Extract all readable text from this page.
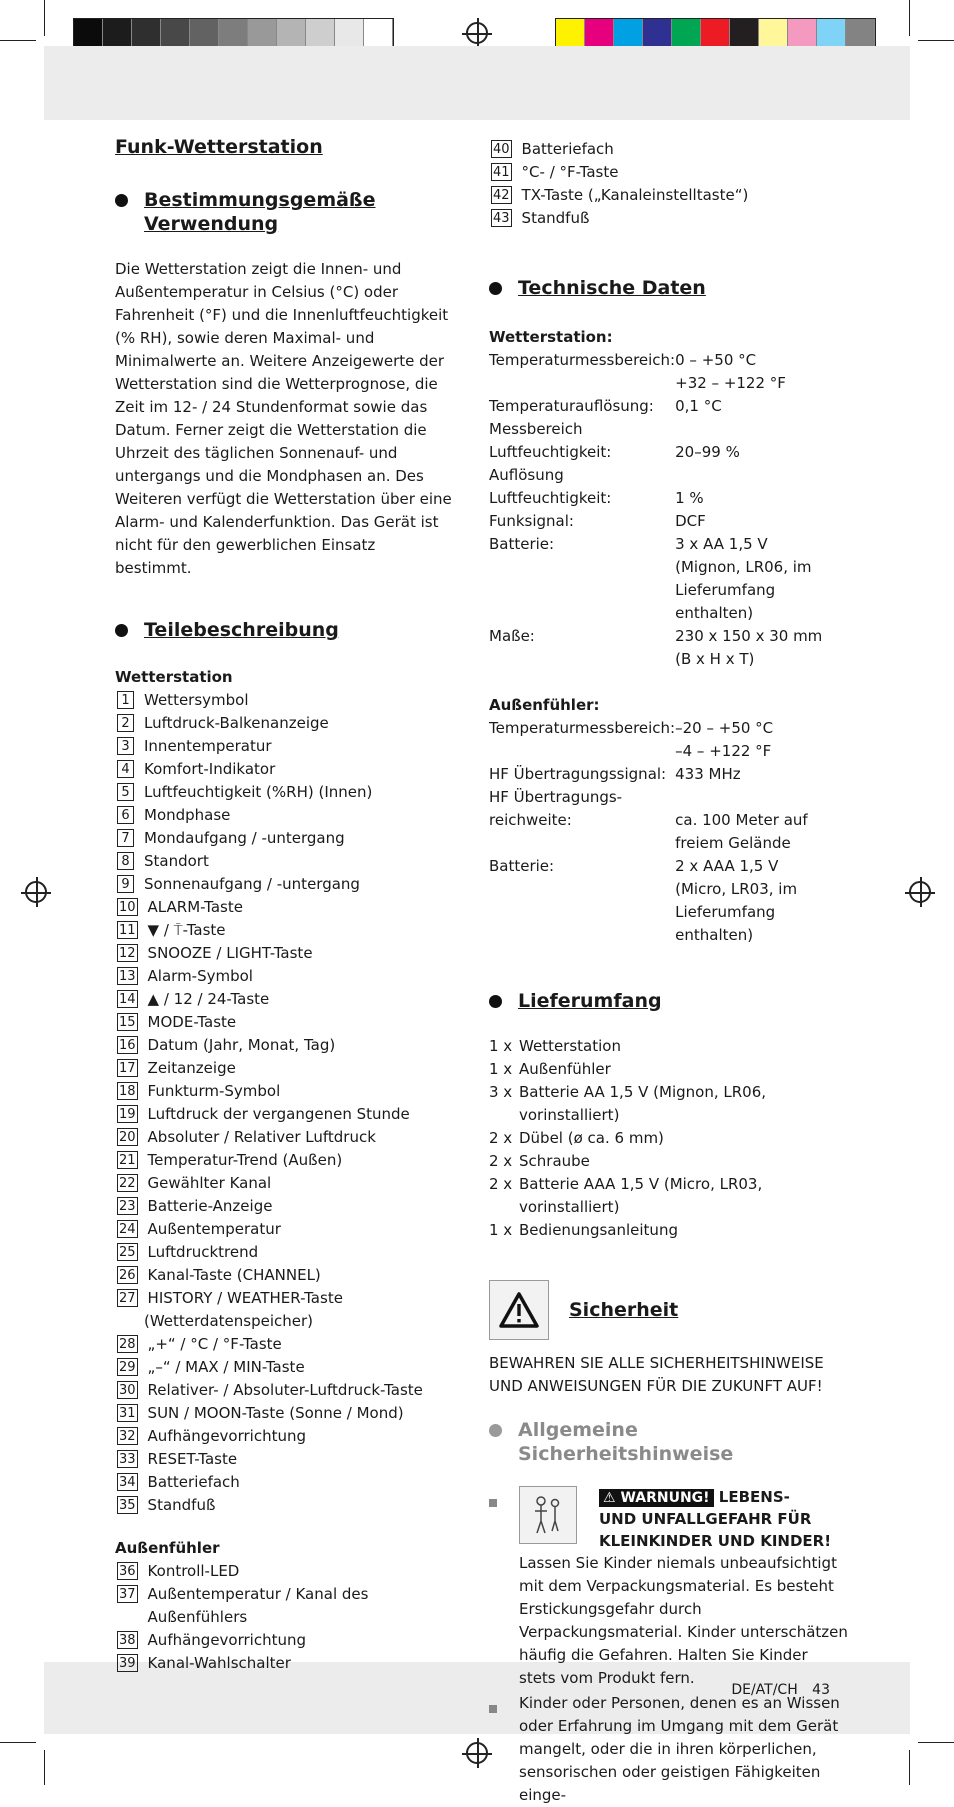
DE/AT/CH 43
Funk-Wetterstation
Bestimmungsgemäße Verwendung

Die Wetterstation zeigt die Innen- und Außentemperatur in Celsius (°C) oder Fahrenheit (°F) und die Innenluftfeuchtigkeit (% RH), sowie deren Maximal- und Minimalwerte an. Weitere Anzeigewerte der Wetterstation sind die Wetterprognose, die Zeit im 12- / 24 Stundenformat sowie das Datum. Ferner zeigt die Wetterstation die Uhrzeit des täglichen Sonnenauf- und untergangs und die Mondphasen an. Des Weiteren verfügt die Wetterstation über eine Alarm- und Kalenderfunktion. Das Gerät ist nicht für den gewerblichen Einsatz bestimmt.

Teilebeschreibung
Wetterstation
1 Wettersymbol
2 Luftdruck-Balkenanzeige
3 Innentemperatur
4 Komfort-Indikator
5 Luftfeuchtigkeit (%RH) (Innen)
6 Mondphase
7 Mondaufgang / -untergang
8 Standort
9 Sonnenaufgang / -untergang
10 ALARM-Taste
11 ▼ / ⍑-Taste
12 SNOOZE / LIGHT-Taste
13 Alarm-Symbol
14 ▲ / 12 / 24-Taste
15 MODE-Taste
16 Datum (Jahr, Monat, Tag)
17 Zeitanzeige
18 Funkturm-Symbol
19 Luftdruck der vergangenen Stunde
20 Absoluter / Relativer Luftdruck
21 Temperatur-Trend (Außen)
22 Gewählter Kanal
23 Batterie-Anzeige
24 Außentemperatur
25 Luftdrucktrend
26 Kanal-Taste (CHANNEL)
27 HISTORY / WEATHER-Taste
(Wetterdatenspeicher)
28 „+“ / °C / °F-Taste
29 „–“ / MAX / MIN-Taste
30 Relativer- / Absoluter-Luftdruck-Taste
31 SUN / MOON-Taste (Sonne / Mond)
32 Aufhängevorrichtung
33 RESET-Taste
34 Batteriefach
35 Standfuß
Außenfühler
36 Kontroll-LED
37 Außentemperatur / Kanal des Außenfühlers
38 Aufhängevorrichtung
39 Kanal-Wahlschalter
40 Batteriefach
41 °C- / °F-Taste
42 TX-Taste („Kanaleinstelltaste“)
43 Standfuß
Technische Daten
Wetterstation:
Temperaturmessbereich:	0 – +50 °C
	+32 – +122 °F
Temperaturauflösung:	0,1 °C
Messbereich	
Luftfeuchtigkeit:	20–99 %
Auflösung	
Luftfeuchtigkeit:	1 %
Funksignal:	DCF
Batterie:	3 x AA 1,5 V
	(Mignon, LR06, im
	Lieferumfang enthalten)
Maße:	230 x 150 x 30 mm
	(B x H x T)
Außenfühler:
Temperaturmessbereich:	–20 – +50 °C
	–4 – +122 °F
HF Übertragungssignal:	433 MHz
HF Übertragungs-	
reichweite:	ca. 100 Meter auf
	freiem Gelände
Batterie:	2 x AAA 1,5 V
	(Micro, LR03, im
	Lieferumfang enthalten)
Lieferumfang
1 x Wetterstation
1 x Außenfühler
3 x Batterie AA 1,5 V (Mignon, LR06, vorinstalliert)
2 x Dübel (ø ca. 6 mm)
2 x Schraube
2 x Batterie AAA 1,5 V (Micro, LR03, vorinstalliert)
1 x Bedienungsanleitung
Sicherheit

BEWAHREN SIE ALLE SICHERHEITSHINWEISE UND ANWEISUNGEN FÜR DIE ZUKUNFT AUF!

Allgemeine Sicherheitshinweise
⚠ WARNUNG! LEBENS-
UND UNFALLGEFAHR FÜR
KLEINKINDER UND KINDER!

Lassen Sie Kinder niemals unbeaufsichtigt mit dem Verpackungsmaterial. Es besteht Erstickungsgefahr durch Verpackungsmaterial. Kinder unterschätzen häufig die Gefahren. Halten Sie Kinder stets vom Produkt fern.

Kinder oder Personen, denen es an Wissen oder Erfahrung im Umgang mit dem Gerät mangelt, oder die in ihren körperlichen, sensorischen oder geistigen Fähigkeiten einge-
